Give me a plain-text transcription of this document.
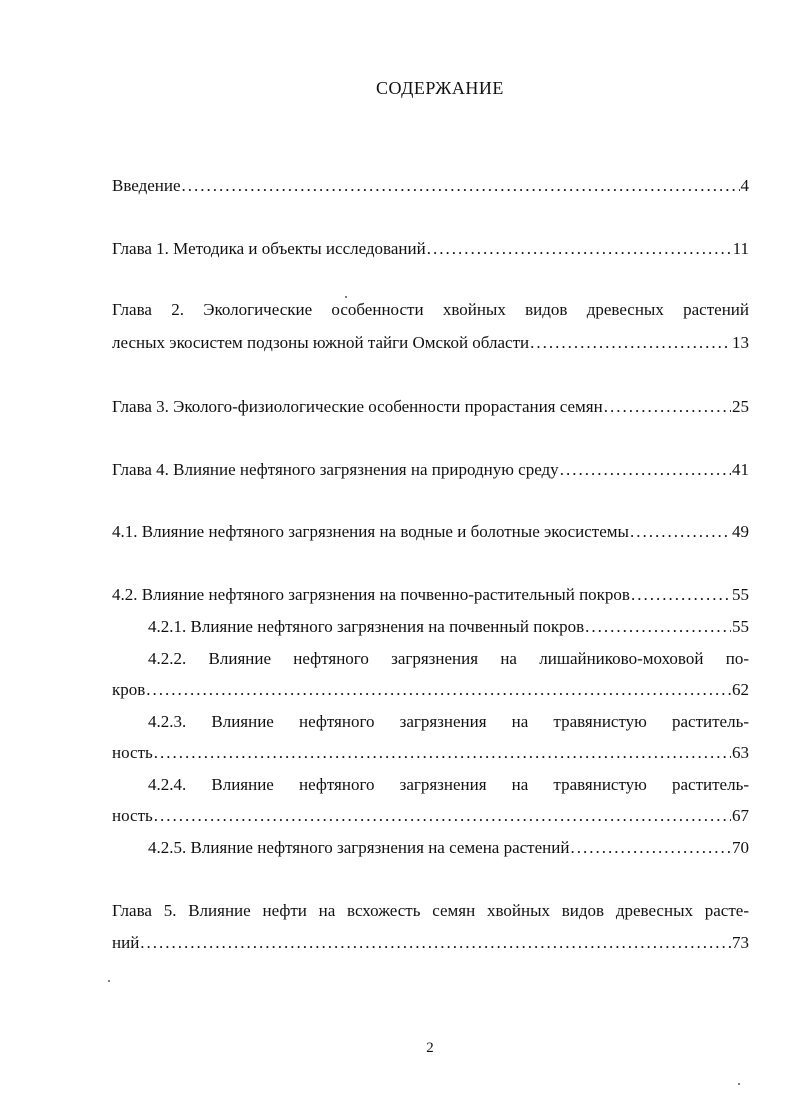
СОДЕРЖАНИЕ
Введение .....	4
Глава 1. Методика и объекты исследований .....	11
Глава 2. Экологические особенности хвойных видов древесных растений
лесных экосистем подзоны южной тайги Омской области .....	13
Глава 3. Эколого-физиологические особенности прорастания семян .....	25
Глава 4. Влияние нефтяного загрязнения на природную среду .....	41
4.1. Влияние нефтяного загрязнения на водные и болотные экосистемы .....	49
4.2. Влияние нефтяного загрязнения на почвенно-растительный покров .....	55
4.2.1. Влияние нефтяного загрязнения на почвенный покров .....	55
4.2.2. Влияние нефтяного загрязнения на лишайниково-моховой по-
кров .....	62
4.2.3. Влияние нефтяного загрязнения на травянистую раститель-
ность .....	63
4.2.4. Влияние нефтяного загрязнения на травянистую раститель-
ность .....	67
4.2.5. Влияние нефтяного загрязнения на семена растений .....	70
Глава 5. Влияние нефти на всхожесть семян хвойных видов древесных расте-
ний .....	73
2
